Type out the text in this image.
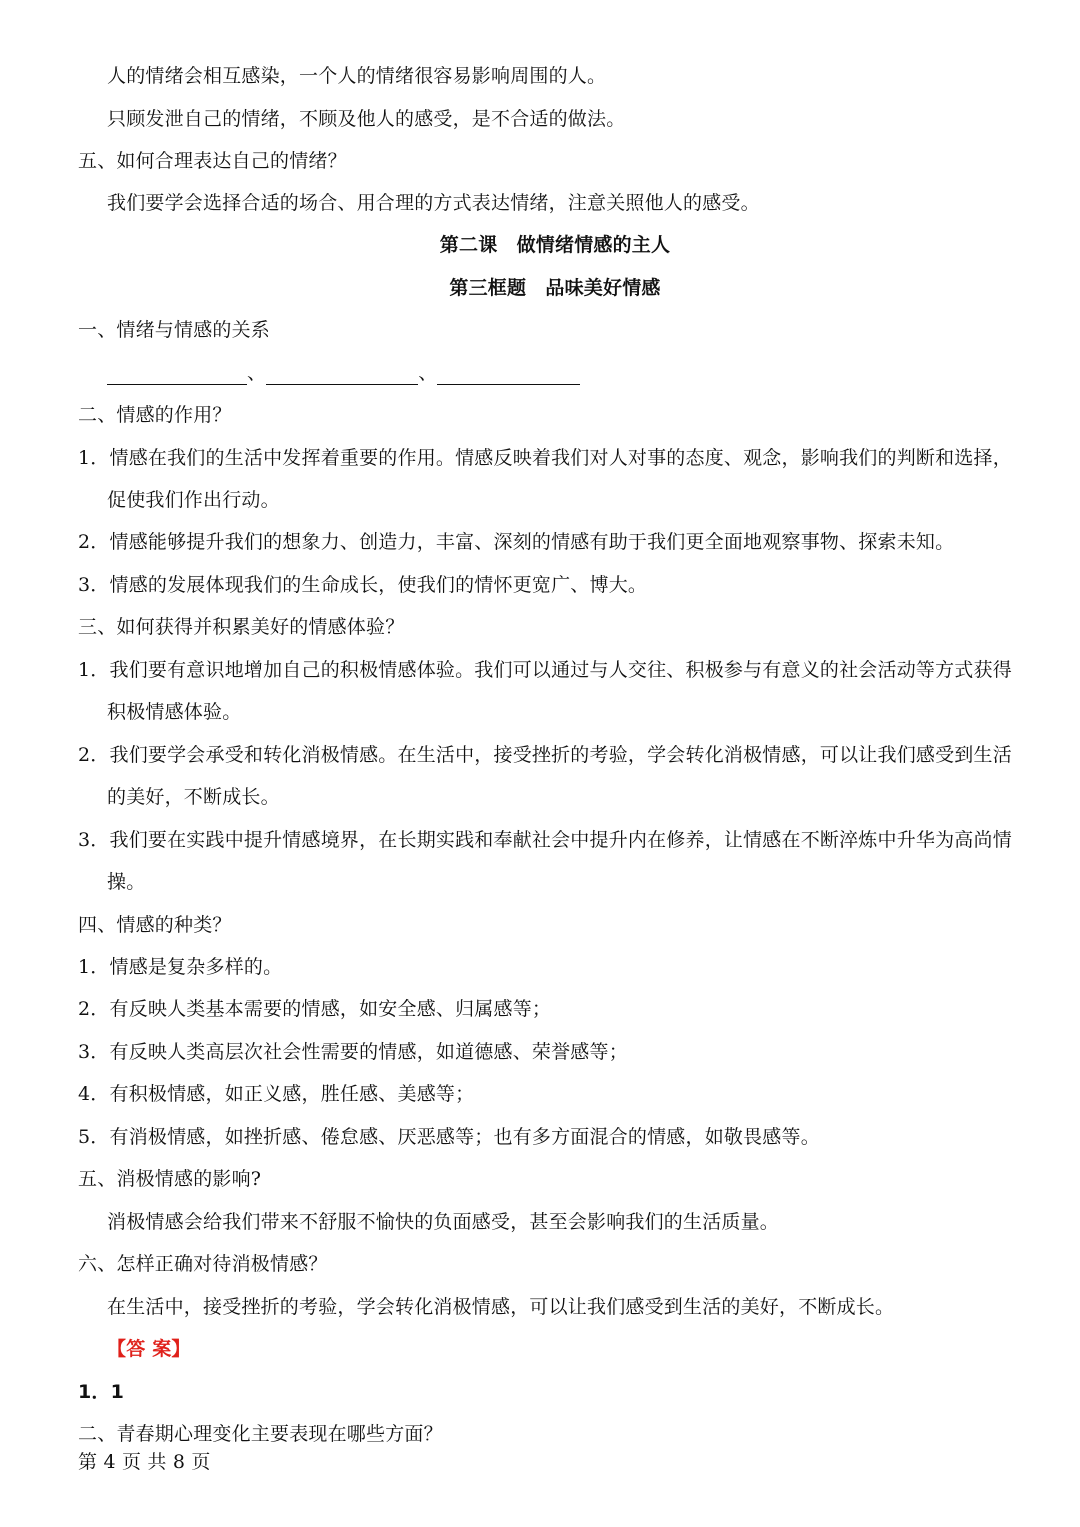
人的情绪会相互感染，一个人的情绪很容易影响周围的人。
只顾发泄自己的情绪，不顾及他人的感受，是不合适的做法。
五、如何合理表达自己的情绪？
我们要学会选择合适的场合、用合理的方式表达情绪，注意关照他人的感受。
第二课　做情绪情感的主人
第三框题　品味美好情感
一、情绪与情感的关系
、	、
二、情感的作用？
1．情感在我们的生活中发挥着重要的作用。情感反映着我们对人对事的态度、观念，影响我们的判断和选择，
促使我们作出行动。
2．情感能够提升我们的想象力、创造力，丰富、深刻的情感有助于我们更全面地观察事物、探索未知。
3．情感的发展体现我们的生命成长，使我们的情怀更宽广、博大。
三、如何获得并积累美好的情感体验？
1．我们要有意识地增加自己的积极情感体验。我们可以通过与人交往、积极参与有意义的社会活动等方式获得
积极情感体验。
2．我们要学会承受和转化消极情感。在生活中，接受挫折的考验，学会转化消极情感，可以让我们感受到生活
的美好，不断成长。
3．我们要在实践中提升情感境界，在长期实践和奉献社会中提升内在修养，让情感在不断淬炼中升华为高尚情
操。
四、情感的种类？
1．情感是复杂多样的。
2．有反映人类基本需要的情感，如安全感、归属感等；
3．有反映人类高层次社会性需要的情感，如道德感、荣誉感等；
4．有积极情感，如正义感，胜任感、美感等；
5．有消极情感，如挫折感、倦怠感、厌恶感等；也有多方面混合的情感，如敬畏感等。
五、消极情感的影响?
消极情感会给我们带来不舒服不愉快的负面感受，甚至会影响我们的生活质量。
六、怎样正确对待消极情感？
在生活中，接受挫折的考验，学会转化消极情感，可以让我们感受到生活的美好，不断成长。
【答 案】
1．1
二、青春期心理变化主要表现在哪些方面？
第 4 页 共 8 页
